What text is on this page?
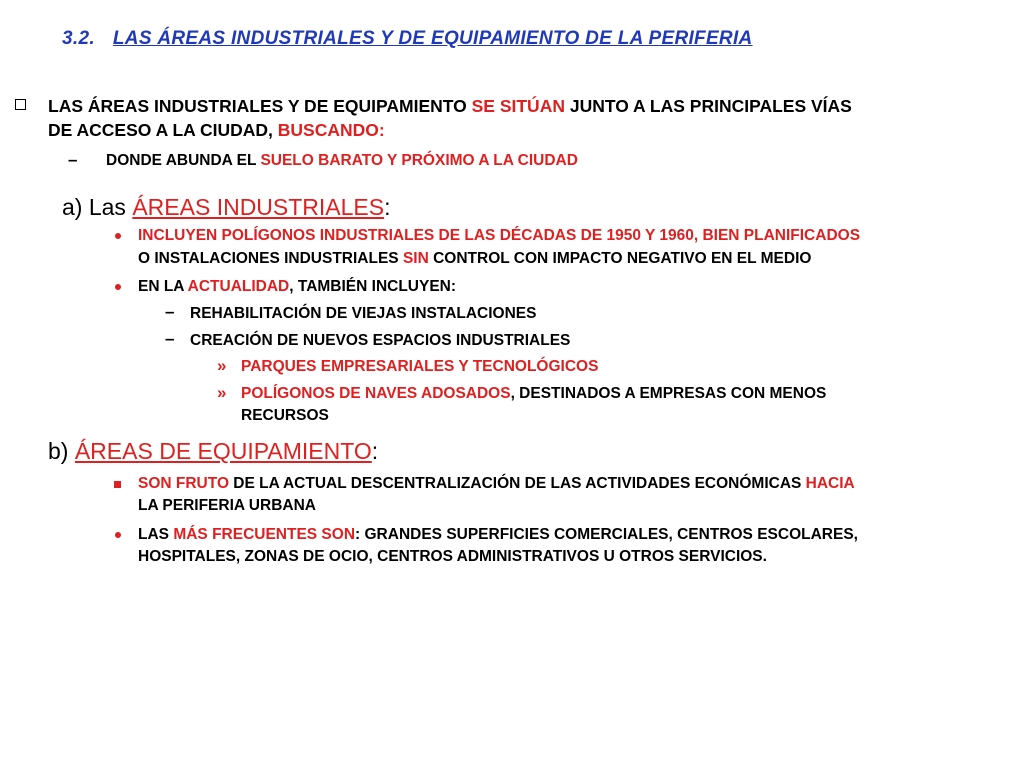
3.2. LAS ÁREAS INDUSTRIALES Y DE EQUIPAMIENTO DE LA PERIFERIA
LAS ÁREAS INDUSTRIALES Y DE EQUIPAMIENTO SE SITÚAN JUNTO A LAS PRINCIPALES VÍAS
DE ACCESO A LA CIUDAD, BUSCANDO:
– DONDE ABUNDA EL SUELO BARATO Y PRÓXIMO A LA CIUDAD
a) Las ÁREAS INDUSTRIALES:
INCLUYEN POLÍGONOS INDUSTRIALES DE LAS DÉCADAS DE 1950 Y 1960, BIEN PLANIFICADOS
O INSTALACIONES INDUSTRIALES SIN CONTROL CON IMPACTO NEGATIVO EN EL MEDIO
EN LA ACTUALIDAD, TAMBIÉN INCLUYEN:
– REHABILITACIÓN DE VIEJAS INSTALACIONES
– CREACIÓN DE NUEVOS ESPACIOS INDUSTRIALES
» PARQUES EMPRESARIALES Y TECNOLÓGICOS
» POLÍGONOS DE NAVES ADOSADOS, DESTINADOS A EMPRESAS CON MENOS
RECURSOS
b) ÁREAS DE EQUIPAMIENTO:
SON FRUTO DE LA ACTUAL DESCENTRALIZACIÓN DE LAS ACTIVIDADES ECONÓMICAS HACIA
LA PERIFERIA URBANA
LAS MÁS FRECUENTES SON: GRANDES SUPERFICIES COMERCIALES, CENTROS ESCOLARES,
HOSPITALES, ZONAS DE OCIO, CENTROS ADMINISTRATIVOS U OTROS SERVICIOS.
